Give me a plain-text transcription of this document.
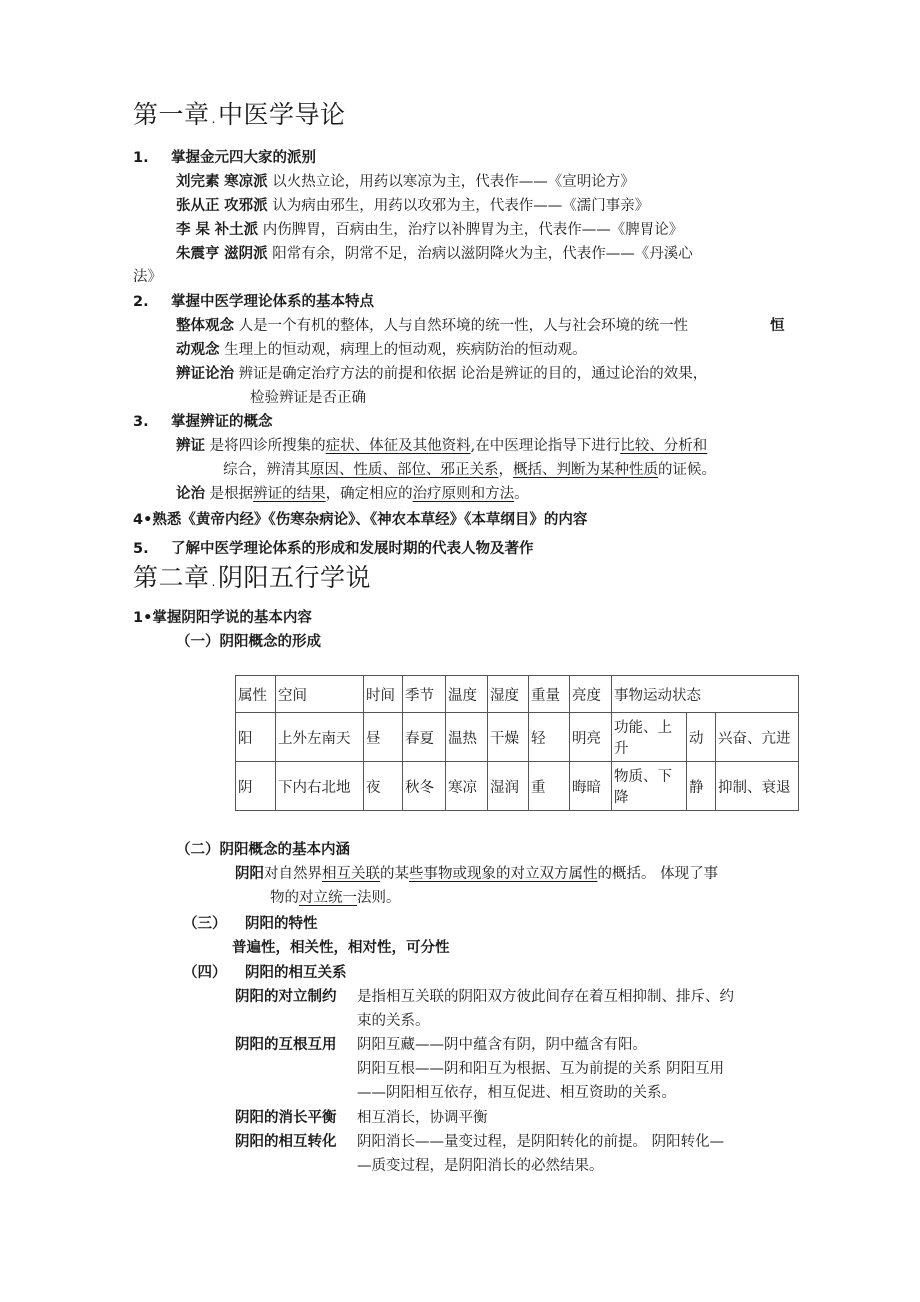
第一章.中医学导论
1. 掌握金元四大家的派别
刘完素 寒凉派 以火热立论，用药以寒凉为主，代表作——《宣明论方》
张从正 攻邪派 认为病由邪生，用药以攻邪为主，代表作——《濡门事亲》
李 杲 补土派 内伤脾胃，百病由生，治疗以补脾胃为主，代表作——《脾胃论》
朱震亨 滋阴派 阳常有余，阴常不足，治病以滋阴降火为主，代表作——《丹溪心
法》
2. 掌握中医学理论体系的基本特点
整体观念 人是一个有机的整体，人与自然环境的统一性，人与社会环境的统一性	恒
动观念 生理上的恒动观，病理上的恒动观，疾病防治的恒动观。
辨证论治 辨证是确定治疗方法的前提和依据 论治是辨证的目的，通过论治的效果，
检验辨证是否正确
3. 掌握辨证的概念
辨证 是将四诊所搜集的症状、体征及其他资料,在中医理论指导下进行比较、分析和
综合，辨清其原因、性质、部位、邪正关系，概括、判断为某种性质的证候。
论治 是根据辨证的结果，确定相应的治疗原则和方法。
4•熟悉《黄帝内经》《伤寒杂病论》、《神农本草经》《本草纲目》的内容
5. 了解中医学理论体系的形成和发展时期的代表人物及著作
第二章.阴阳五行学说
1•掌握阴阳学说的基本内容
（一）阴阳概念的形成
属性	空间	时间	季节	温度	湿度	重量	亮度	事物运动状态		
阳	上外左南天	昼	春夏	温热	干燥	轻	明亮	功能、上升	动	兴奋、亢进
阴	下内右北地	夜	秋冬	寒凉	湿润	重	晦暗	物质、下降	静	抑制、衰退
（二）阴阳概念的基本内涵
阴阳对自然界相互关联的某些事物或现象的对立双方属性的概括。 体现了事
物的对立统一法则。
（三） 阴阳的特性
普遍性，相关性，相对性，可分性
（四） 阴阳的相互关系
阴阳的对立制约 是指相互关联的阴阳双方彼此间存在着互相抑制、排斥、约
束的关系。
阴阳的互根互用 阴阳互藏——阴中蕴含有阴，阴中蕴含有阳。
阴阳互根——阴和阳互为根据、互为前提的关系 阴阳互用
——阴阳相互依存，相互促进、相互资助的关系。
阴阳的消长平衡 相互消长，协调平衡
阴阳的相互转化 阴阳消长——量变过程，是阴阳转化的前提。 阴阳转化—
—质变过程，是阴阳消长的必然结果。
